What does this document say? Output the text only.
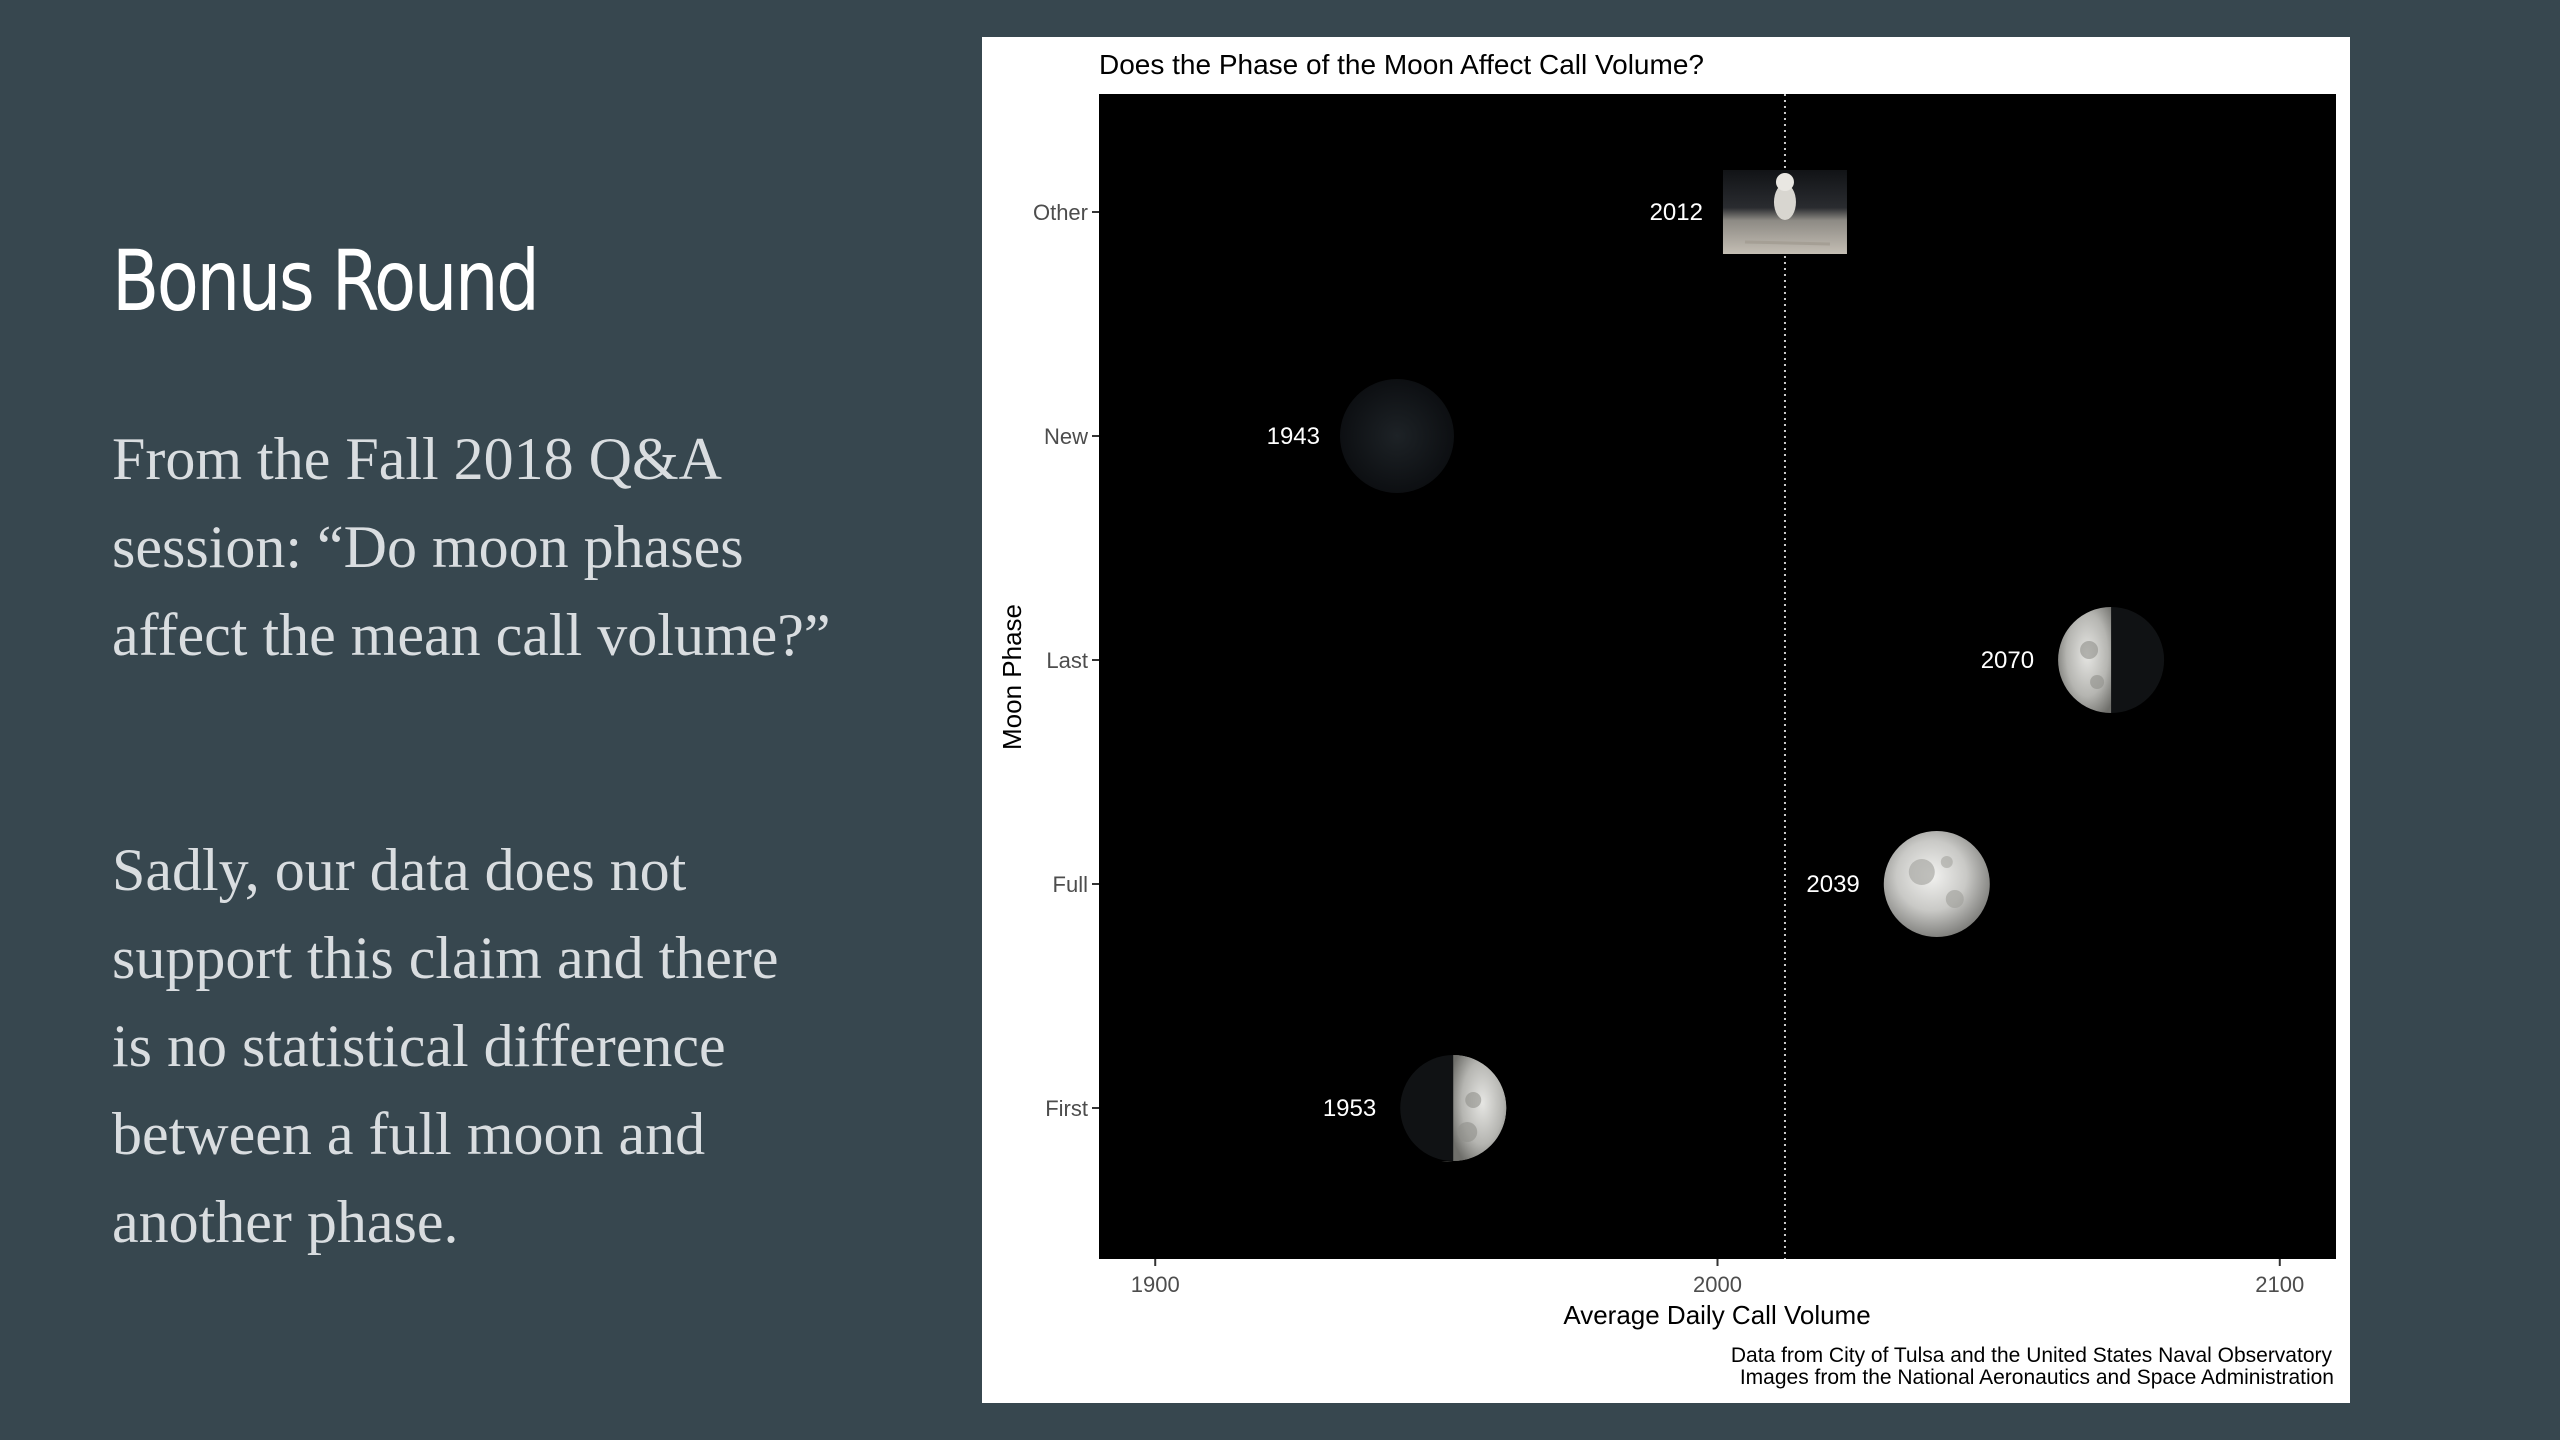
Bonus Round

From the Fall 2018 Q&A session: “Do moon phases affect the mean call volume?”

Sadly, our data does not support this claim and there is no statistical difference between a full moon and another phase.

Does the Phase of the Moon Affect Call Volume?
2012
1943
2070
2039
1953
Other
New
Last
Full
First
1900	2000	2100
Average Daily Call Volume
Moon Phase
Data from City of Tulsa and the United States Naval Observatory
Images from the National Aeronautics and Space Administration
